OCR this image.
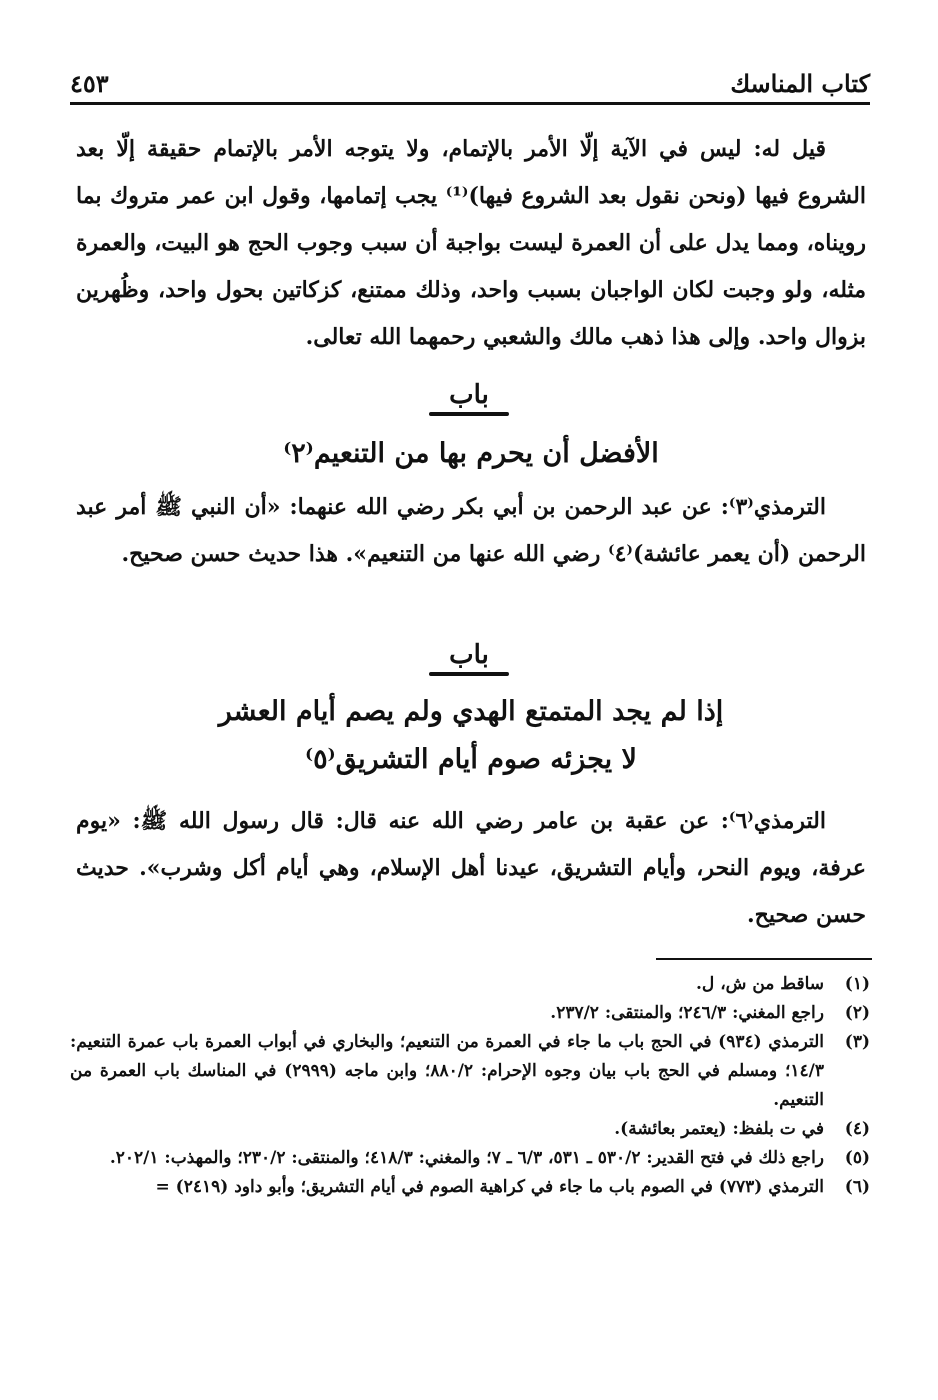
كتاب المناسك
٤٥٣

قيل له: ليس في الآية إلّا الأمر بالإتمام، ولا يتوجه الأمر بالإتمام حقيقة إلّا بعد الشروع فيها (ونحن نقول بعد الشروع فيها)⁽¹⁾ يجب إتمامها، وقول ابن عمر متروك بما رويناه، ومما يدل على أن العمرة ليست بواجبة أن سبب وجوب الحج هو البيت، والعمرة مثله، ولو وجبت لكان الواجبان بسبب واحد، وذلك ممتنع، كزكاتين بحول واحد، وظُهرين بزوال واحد. وإلى هذا ذهب مالك والشعبي رحمهما الله تعالى.

باب
الأفضل أن يحرم بها من التنعيم⁽٢⁾

الترمذي⁽٣⁾: عن عبد الرحمن بن أبي بكر رضي الله عنهما: «أن النبي ﷺ أمر عبد الرحمن (أن يعمر عائشة)⁽٤⁾ رضي الله عنها من التنعيم». هذا حديث حسن صحيح.

باب
إذا لم يجد المتمتع الهدي ولم يصم أيام العشر
لا يجزئه صوم أيام التشريق⁽٥⁾

الترمذي⁽٦⁾: عن عقبة بن عامر رضي الله عنه قال: قال رسول الله ﷺ: «يوم عرفة، ويوم النحر، وأيام التشريق، عيدنا أهل الإسلام، وهي أيام أكل وشرب». حديث حسن صحيح.

(١)
ساقط من ش، ل.
(٢)
راجع المغني: ٢٤٦/٣؛ والمنتقى: ٢٣٧/٢.
(٣)
الترمذي (٩٣٤) في الحج باب ما جاء في العمرة من التنعيم؛ والبخاري في أبواب العمرة باب عمرة التنعيم: ١٤/٣؛ ومسلم في الحج باب بيان وجوه الإحرام: ٨٨٠/٢؛ وابن ماجه (٢٩٩٩) في المناسك باب العمرة من التنعيم.
(٤)
في ت بلفظ: (يعتمر بعائشة).
(٥)
راجع ذلك في فتح القدير: ٥٣٠/٢ ـ ٥٣١، ٦/٣ ـ ٧؛ والمغني: ٤١٨/٣؛ والمنتقى: ٢٣٠/٢؛ والمهذب: ٢٠٢/١.
(٦)
الترمذي (٧٧٣) في الصوم باب ما جاء في كراهية الصوم في أيام التشريق؛ وأبو داود (٢٤١٩) =
